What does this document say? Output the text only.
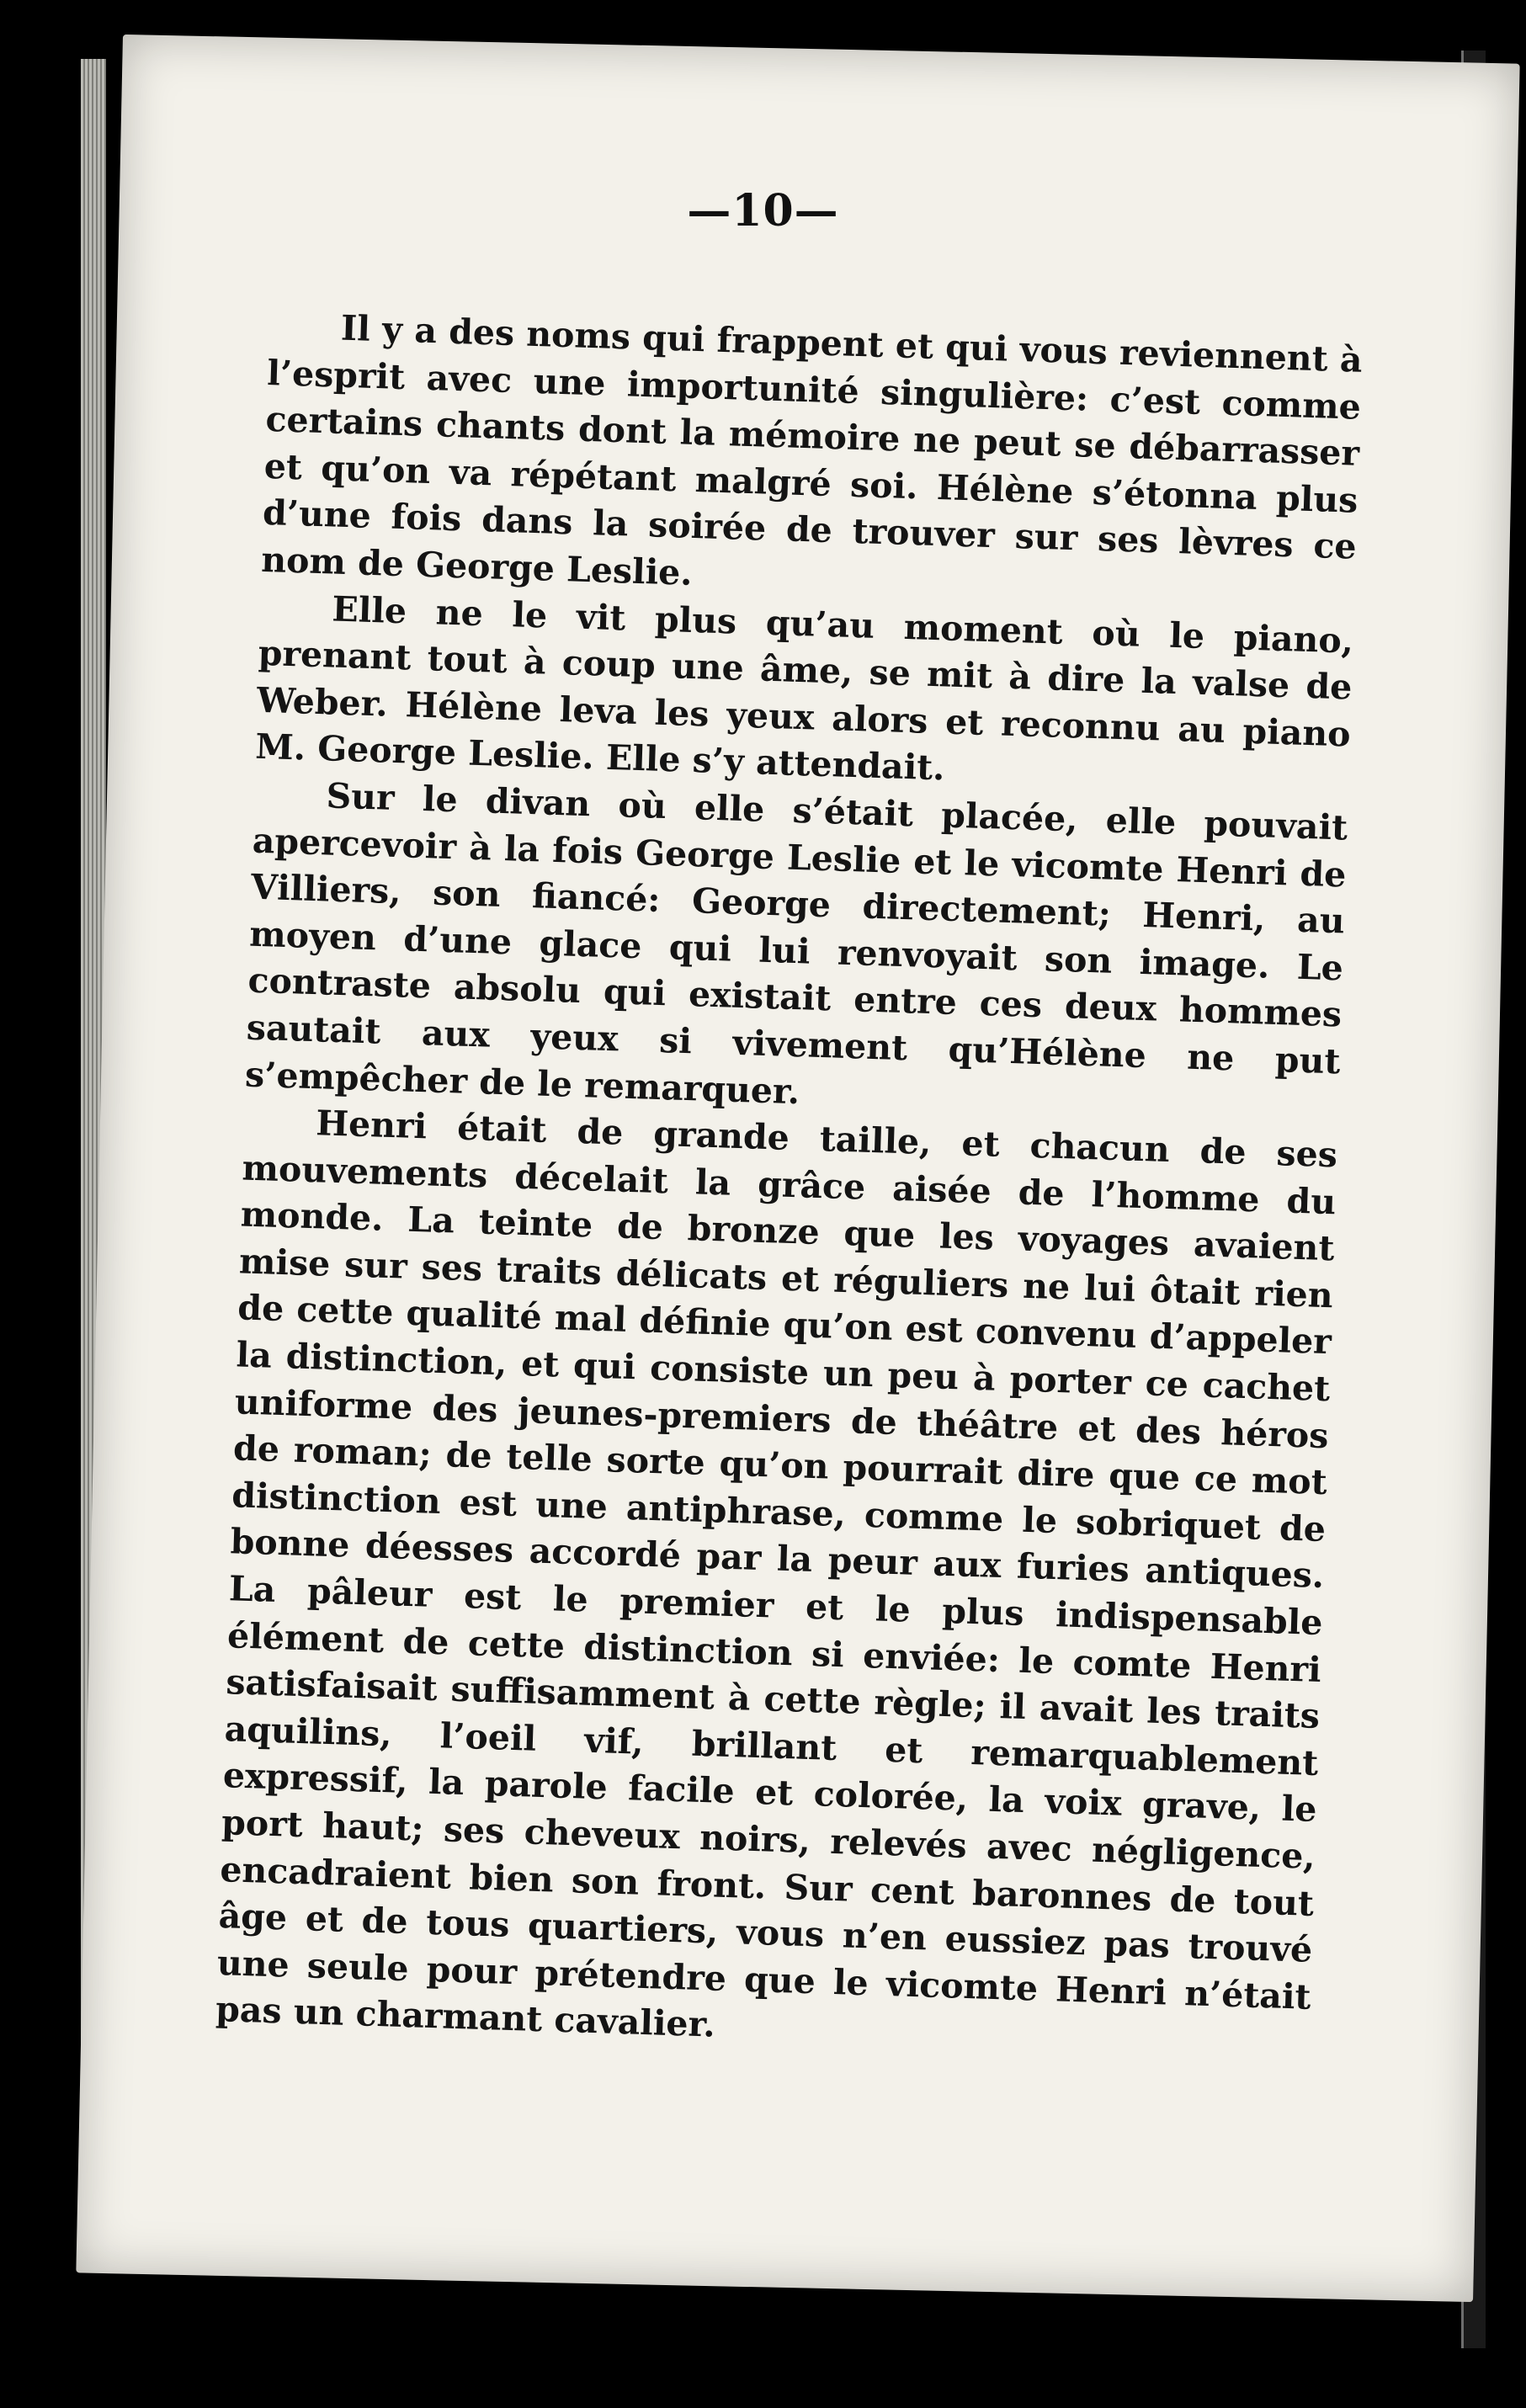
—10—

Il y a des noms qui frappent et qui vous reviennent à l’esprit avec une importunité singulière: c’est comme certains chants dont la mémoire ne peut se débarrasser et qu’on va répétant malgré soi. Hélène s’étonna plus d’une fois dans la soirée de trouver sur ses lèvres ce nom de George Leslie.

Elle ne le vit plus qu’au moment où le piano, prenant tout à coup une âme, se mit à dire la valse de Weber. Hélène leva les yeux alors et reconnu au piano M. George Leslie. Elle s’y attendait.

Sur le divan où elle s’était placée, elle pouvait apercevoir à la fois George Leslie et le vicomte Henri de Villiers, son fiancé: George directement; Henri, au moyen d’une glace qui lui renvoyait son image. Le contraste absolu qui existait entre ces deux hommes sautait aux yeux si vivement qu’Hélène ne put s’empêcher de le remarquer.

Henri était de grande taille, et chacun de ses mouvements décelait la grâce aisée de l’homme du monde. La teinte de bronze que les voyages avaient mise sur ses traits délicats et réguliers ne lui ôtait rien de cette qualité mal définie qu’on est convenu d’appeler la distinction, et qui consiste un peu à porter ce cachet uniforme des jeunes-premiers de théâtre et des héros de roman; de telle sorte qu’on pourrait dire que ce mot distinction est une antiphrase, comme le sobriquet de bonne déesses accordé par la peur aux furies antiques. La pâleur est le premier et le plus indispensable élément de cette distinction si enviée: le comte Henri satisfaisait suffisamment à cette règle; il avait les traits aquilins, l’oeil vif, brillant et remarquablement expressif, la parole facile et colorée, la voix grave, le port haut; ses cheveux noirs, relevés avec négligence, encadraient bien son front. Sur cent baronnes de tout âge et de tous quartiers, vous n’en eussiez pas trouvé une seule pour prétendre que le vicomte Henri n’était pas un charmant cavalier.
